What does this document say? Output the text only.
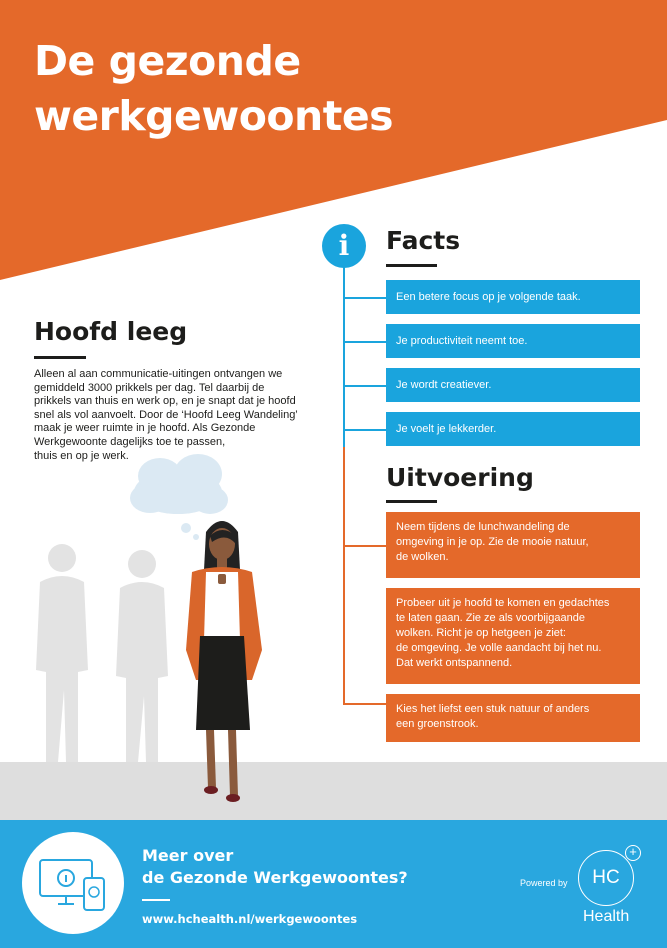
De gezonde
werkgewoontes
Hoofd leeg
Alleen al aan communicatie-uitingen ontvangen we
gemiddeld 3000 prikkels per dag. Tel daarbij de
prikkels van thuis en werk op, en je snapt dat je hoofd
snel als vol aanvoelt. Door de ‘Hoofd Leeg Wandeling’
maak je weer ruimte in je hoofd. Als Gezonde
Werkgewoonte dagelijks toe te passen,
thuis en op je werk.
i	Facts
Een betere focus op je volgende taak.
Je productiviteit neemt toe.
Je wordt creatiever.
Je voelt je lekkerder.
Uitvoering
Neem tijdens de lunchwandeling de
omgeving in je op. Zie de mooie natuur,
de wolken.
Probeer uit je hoofd te komen en gedachtes
te laten gaan. Zie ze als voorbijgaande
wolken. Richt je op hetgeen je ziet:
de omgeving. Je volle aandacht bij het nu.
Dat werkt ontspannend.
Kies het liefst een stuk natuur of anders
een groenstrook.
Meer over
de Gezonde Werkgewoontes?
www.hchealth.nl/werkgewoontes
Powered by	HC
+
Health
